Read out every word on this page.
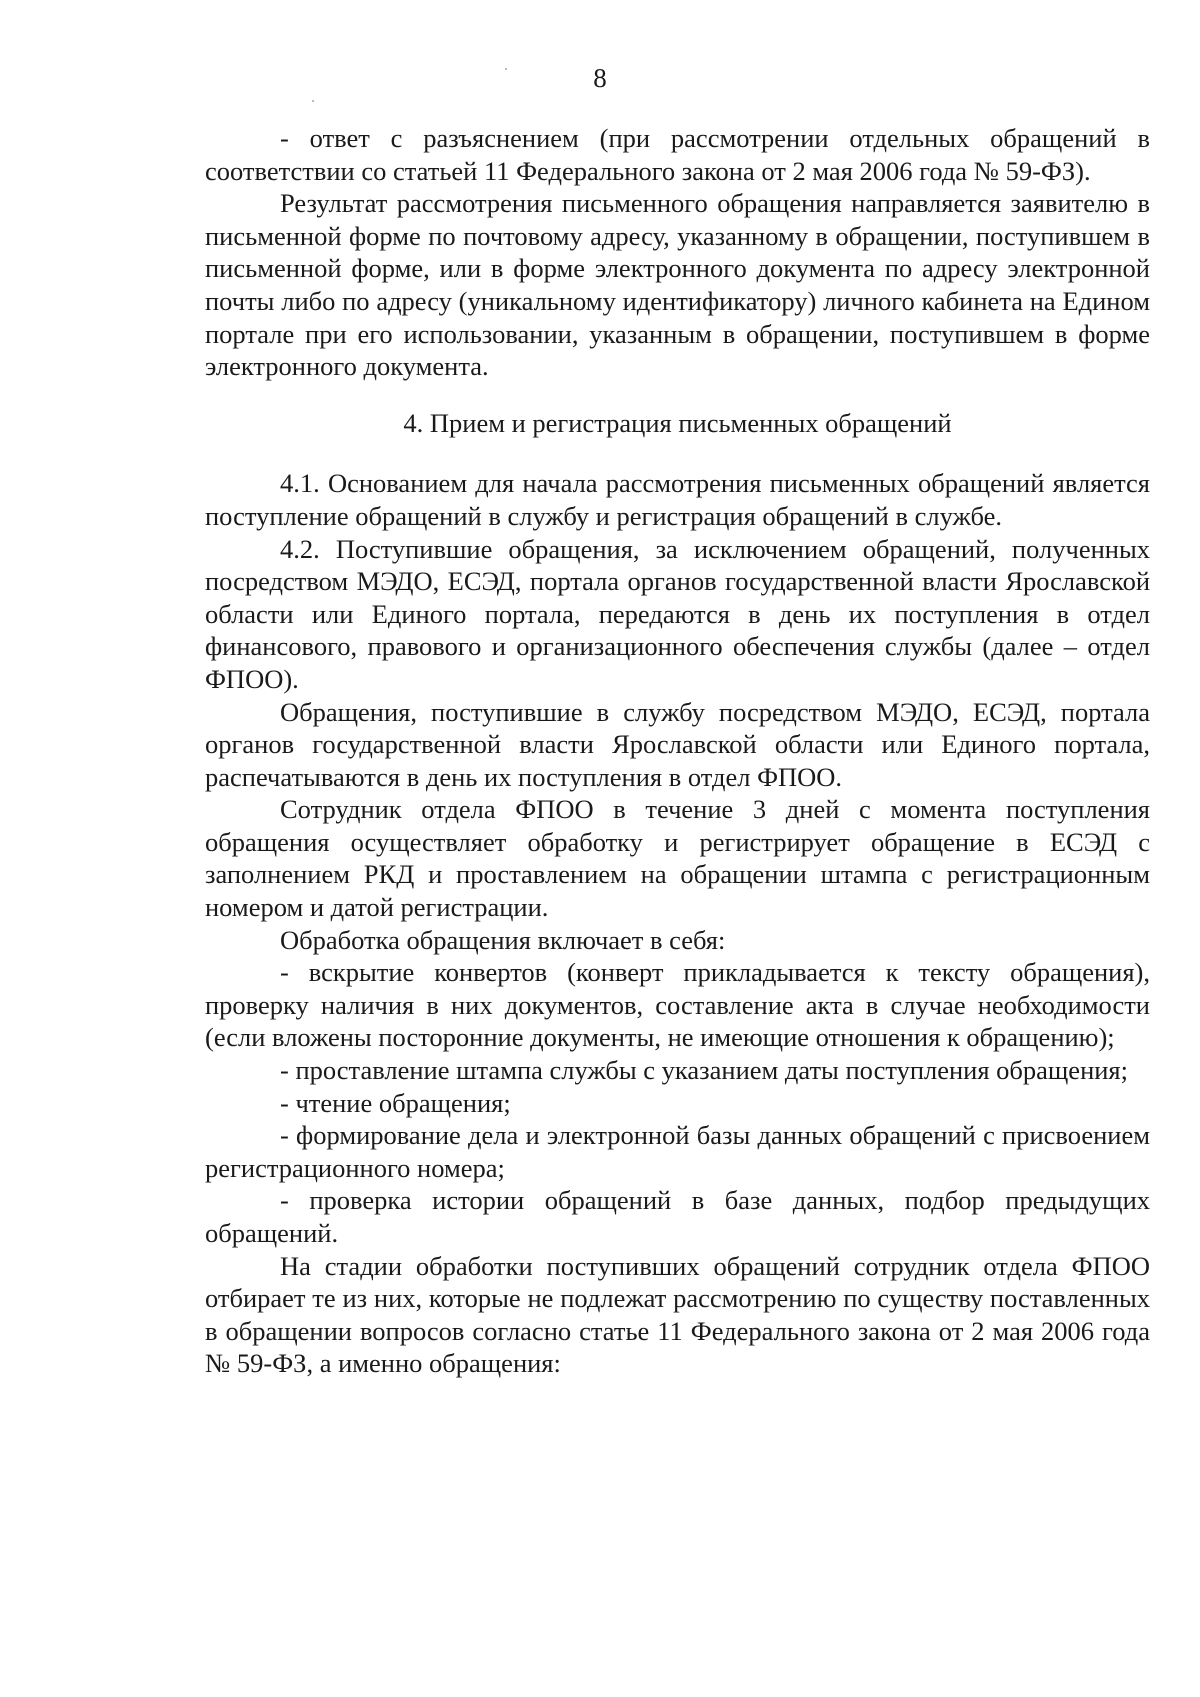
8

- ответ с разъяснением (при рассмотрении отдельных обращений в соответствии со статьей 11 Федерального закона от 2 мая 2006 года № 59-ФЗ).

Результат рассмотрения письменного обращения направляется заявителю в письменной форме по почтовому адресу, указанному в обращении, поступившем в письменной форме, или в форме электронного документа по адресу электронной почты либо по адресу (уникальному идентификатору) личного кабинета на Едином портале при его использовании, указанным в обращении, поступившем в форме электронного документа.

4. Прием и регистрация письменных обращений

4.1. Основанием для начала рассмотрения письменных обращений является поступление обращений в службу и регистрация обращений в службе.

4.2. Поступившие обращения, за исключением обращений, полученных посредством МЭДО, ЕСЭД, портала органов государственной власти Ярославской области или Единого портала, передаются в день их поступления в отдел финансового, правового и организационного обеспечения службы (далее – отдел ФПОО).

Обращения, поступившие в службу посредством МЭДО, ЕСЭД, портала органов государственной власти Ярославской области или Единого портала, распечатываются в день их поступления в отдел ФПОО.

Сотрудник отдела ФПОО в течение 3 дней с момента поступления обращения осуществляет обработку и регистрирует обращение в ЕСЭД с заполнением РКД и проставлением на обращении штампа с регистрационным номером и датой регистрации.

Обработка обращения включает в себя:

- вскрытие конвертов (конверт прикладывается к тексту обращения), проверку наличия в них документов, составление акта в случае необходимости (если вложены посторонние документы, не имеющие отношения к обращению);

- проставление штампа службы с указанием даты поступления обращения;

- чтение обращения;

- формирование дела и электронной базы данных обращений с присвоением регистрационного номера;

- проверка истории обращений в базе данных, подбор предыдущих обращений.

На стадии обработки поступивших обращений сотрудник отдела ФПОО отбирает те из них, которые не подлежат рассмотрению по существу поставленных в обращении вопросов согласно статье 11 Федерального закона от 2 мая 2006 года № 59-ФЗ, а именно обращения:
